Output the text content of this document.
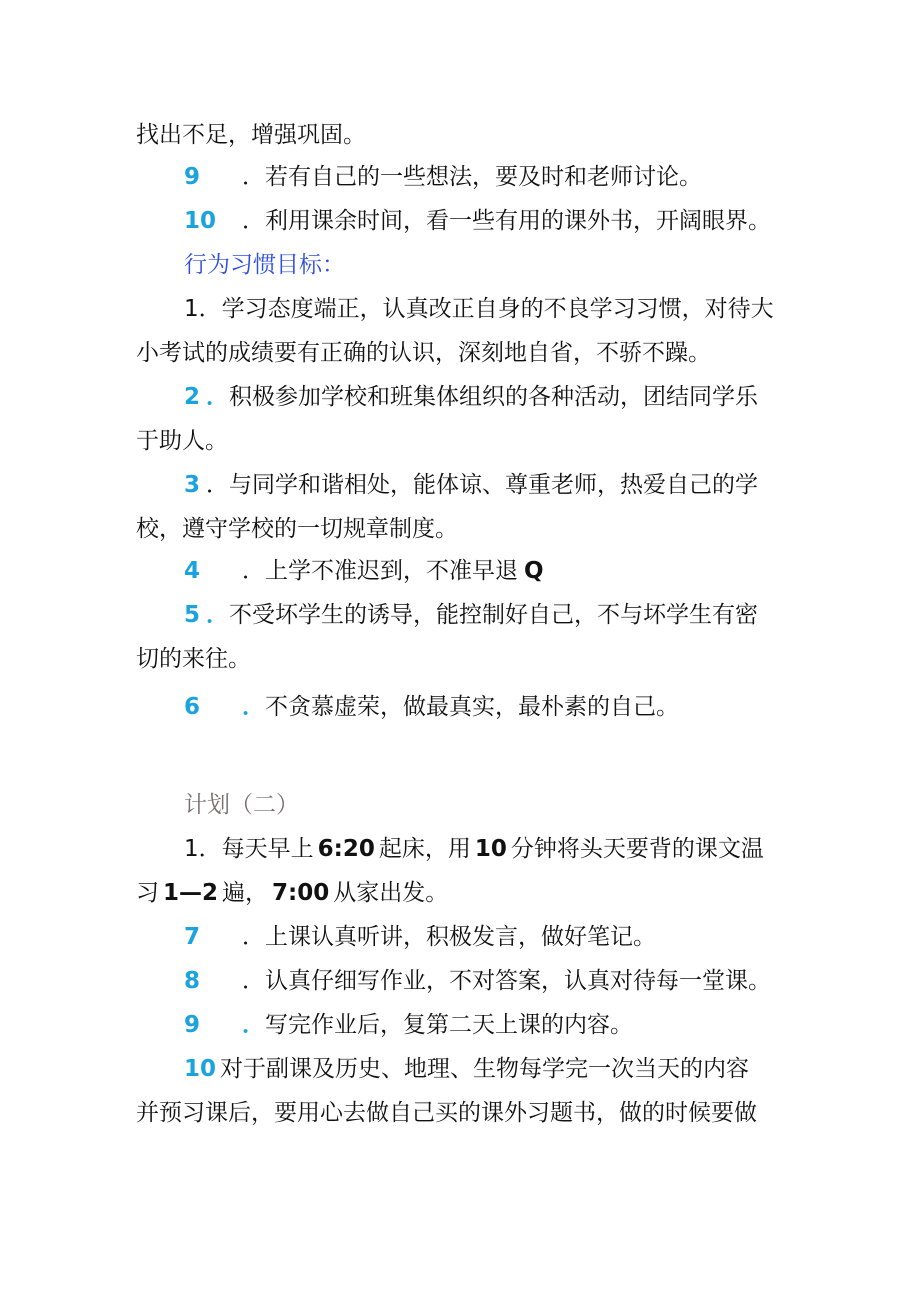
找出不足，增强巩固。
9 ．若有自己的一些想法，要及时和老师讨论。
10 ．利用课余时间，看一些有用的课外书，开阔眼界。
行为习惯目标：
1．学习态度端正，认真改正自身的不良学习习惯，对待大
小考试的成绩要有正确的认识，深刻地自省，不骄不躁。
2 ．积极参加学校和班集体组织的各种活动，团结同学乐
于助人。
3 ．与同学和谐相处，能体谅、尊重老师，热爱自己的学
校，遵守学校的一切规章制度。
4 ．上学不准迟到，不准早退 Q
5 ．不受坏学生的诱导，能控制好自己，不与坏学生有密
切的来往。
6 ．不贪慕虚荣，做最真实，最朴素的自己。
计划（二）
1．每天早上 6:20 起床，用 10 分钟将头天要背的课文温
习 1—2 遍， 7:00 从家出发。
7 ．上课认真听讲，积极发言，做好笔记。
8 ．认真仔细写作业，不对答案，认真对待每一堂课。
9 ．写完作业后，复第二天上课的内容。
10 对于副课及历史、地理、生物每学完一次当天的内容
并预习课后，要用心去做自己买的课外习题书，做的时候要做
